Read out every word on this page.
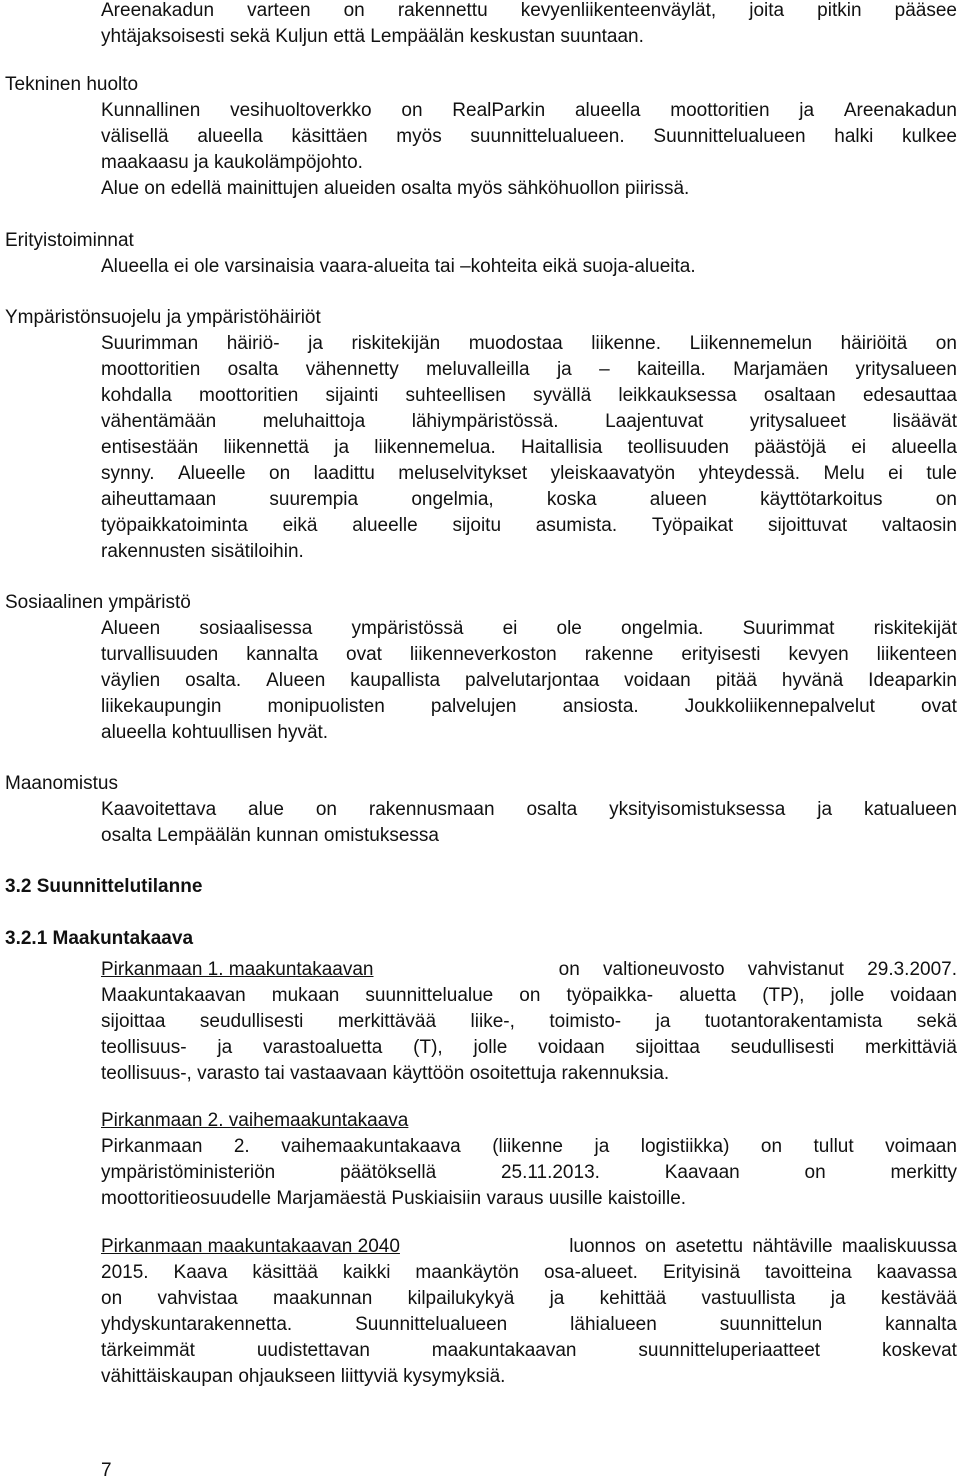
Areenakadun varteen on rakennettu kevyenliikenteenväylät, joita pitkin pääsee
yhtäjaksoisesti sekä Kuljun että Lempäälän keskustan suuntaan.
Tekninen huolto
Kunnallinen vesihuoltoverkko on RealParkin alueella moottoritien ja Areenakadun
välisellä alueella käsittäen myös suunnittelualueen. Suunnittelualueen halki kulkee
maakaasu ja kaukolämpöjohto.
Alue on edellä mainittujen alueiden osalta myös sähköhuollon piirissä.
Erityistoiminnat
Alueella ei ole varsinaisia vaara-alueita tai –kohteita eikä suoja-alueita.
Ympäristönsuojelu ja ympäristöhäiriöt
Suurimman häiriö- ja riskitekijän muodostaa liikenne. Liikennemelun häiriöitä on
moottoritien osalta vähennetty meluvalleilla ja – kaiteilla. Marjamäen yritysalueen
kohdalla moottoritien sijainti suhteellisen syvällä leikkauksessa osaltaan edesauttaa
vähentämään meluhaittoja lähiympäristössä. Laajentuvat yritysalueet lisäävät
entisestään liikennettä ja liikennemelua. Haitallisia teollisuuden päästöjä ei alueella
synny. Alueelle on laadittu meluselvitykset yleiskaavatyön yhteydessä. Melu ei tule
aiheuttamaan	suurempia	ongelmia,	koska	alueen	käyttötarkoitus	on
työpaikkatoiminta eikä alueelle sijoitu asumista. Työpaikat sijoittuvat valtaosin
rakennusten sisätiloihin.
Sosiaalinen ympäristö
Alueen sosiaalisessa ympäristössä ei ole ongelmia. Suurimmat riskitekijät
turvallisuuden kannalta ovat liikenneverkoston rakenne erityisesti kevyen liikenteen
väylien osalta. Alueen kaupallista palvelutarjontaa voidaan pitää hyvänä Ideaparkin
liikekaupungin monipuolisten palvelujen ansiosta. Joukkoliikennepalvelut ovat
alueella kohtuullisen hyvät.
Maanomistus
Kaavoitettava alue on rakennusmaan osalta yksityisomistuksessa ja katualueen
osalta Lempäälän kunnan omistuksessa
3.2 Suunnittelutilanne
3.2.1 Maakuntakaava
Pirkanmaan 1. maakuntakaavan	on valtioneuvosto vahvistanut 29.3.2007.
Maakuntakaavan mukaan suunnittelualue on työpaikka- aluetta (TP), jolle voidaan
sijoittaa seudullisesti merkittävää liike-, toimisto- ja tuotantorakentamista sekä
teollisuus- ja varastoaluetta (T), jolle voidaan sijoittaa seudullisesti merkittäviä
teollisuus-, varasto tai vastaavaan käyttöön osoitettuja rakennuksia.
Pirkanmaan 2. vaihemaakuntakaava
Pirkanmaan 2. vaihemaakuntakaava (liikenne ja logistiikka) on tullut voimaan
ympäristöministeriön	päätöksellä	25.11.2013.	Kaavaan	on	merkitty
moottoritieosuudelle Marjamäestä Puskiaisiin varaus uusille kaistoille.
Pirkanmaan maakuntakaavan 2040	luonnos on asetettu nähtäville maaliskuussa
2015. Kaava käsittää kaikki maankäytön osa-alueet. Erityisinä tavoitteina kaavassa
on vahvistaa maakunnan kilpailukykyä ja kehittää vastuullista ja kestävää
yhdyskuntarakennetta.	Suunnittelualueen	lähialueen	suunnittelun	kannalta
tärkeimmät	uudistettavan	maakuntakaavan	suunnitteluperiaatteet	koskevat
vähittäiskaupan ohjaukseen liittyviä kysymyksiä.
7
